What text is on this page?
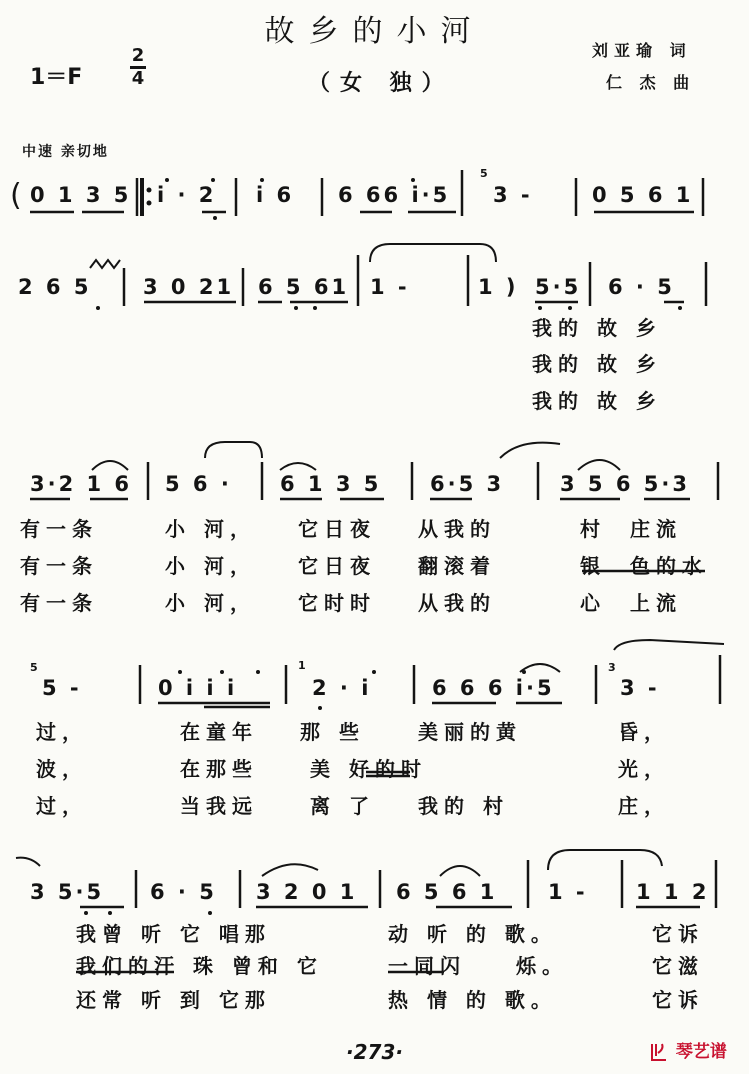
故乡的小河
1＝F
2
4	（女 独）
刘亚瑜 词
仁 杰 曲
中速 亲切地
( 0 1 3 5 i · 2 i 6 6 66 i·5
5
3 -	0 5 6 1
2 6 5 3 0 21 6 5 61 1 -	1 ) 5·5 6 · 5
我的 故 乡
我的 故 乡
我的 故 乡
3·2 1 6 5 6 · 6 1 3 5 6·5 3	3 5 6 5·3
有一条	小 河， 它日夜 从我的	村 庄流
有一条	小 河， 它日夜 翻滚着	银 色的水
有一条	小 河， 它时时 从我的	心 上流
5
5 -	0 i i i
1
2 · i	6 6 6 i·5
3
3 -
过，	在童年 那 些	美丽的黄	昏，
波，	在那些	美 好的时	光，
过，	当我远	离 了 我的 村	庄，
3 5·5 6 · 5 3 2 0 1 6 5 6 1 1 - 1 1 2
我曾 听 它 唱那	动 听 的 歌。	它诉
我们的汗 珠 曾和 它	一同闪	烁。	它滋
还常 听 到 它那	热 情 的 歌。	它诉
·273·	琴艺谱
